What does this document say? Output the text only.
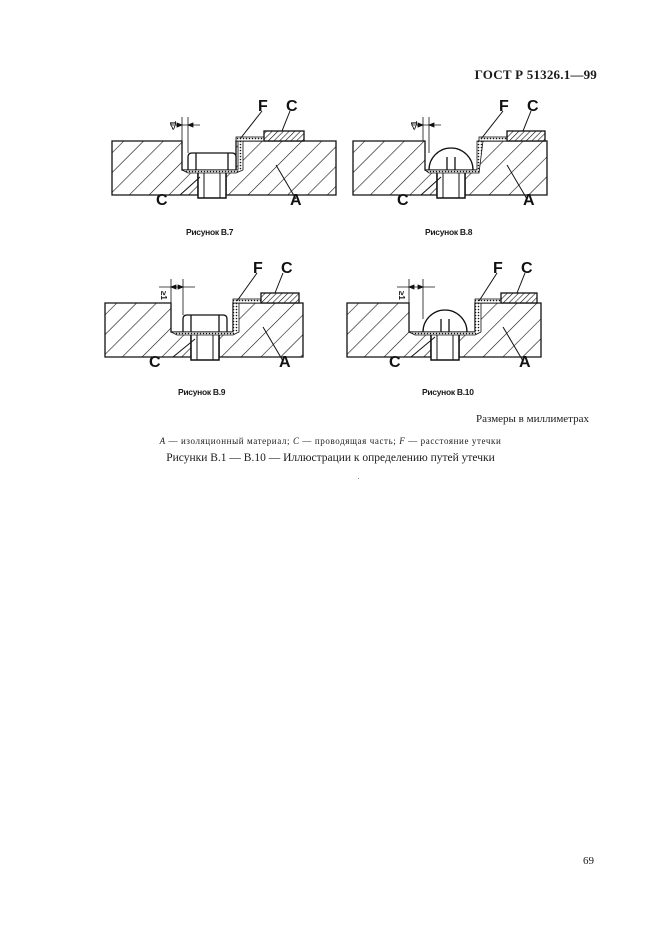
ГОСТ Р 51326.1—99
<1
F C
C	A
Рисунок В.7
<1
F C
C	A
Рисунок В.8
≥1
F C
C	A
Рисунок В.9
≥1
F C
C	A
Рисунок В.10
Размеры в миллиметрах
A — изоляционный материал; C — проводящая часть; F — расстояние утечки
Рисунки В.1 — В.10 — Иллюстрации к определению путей утечки
69
